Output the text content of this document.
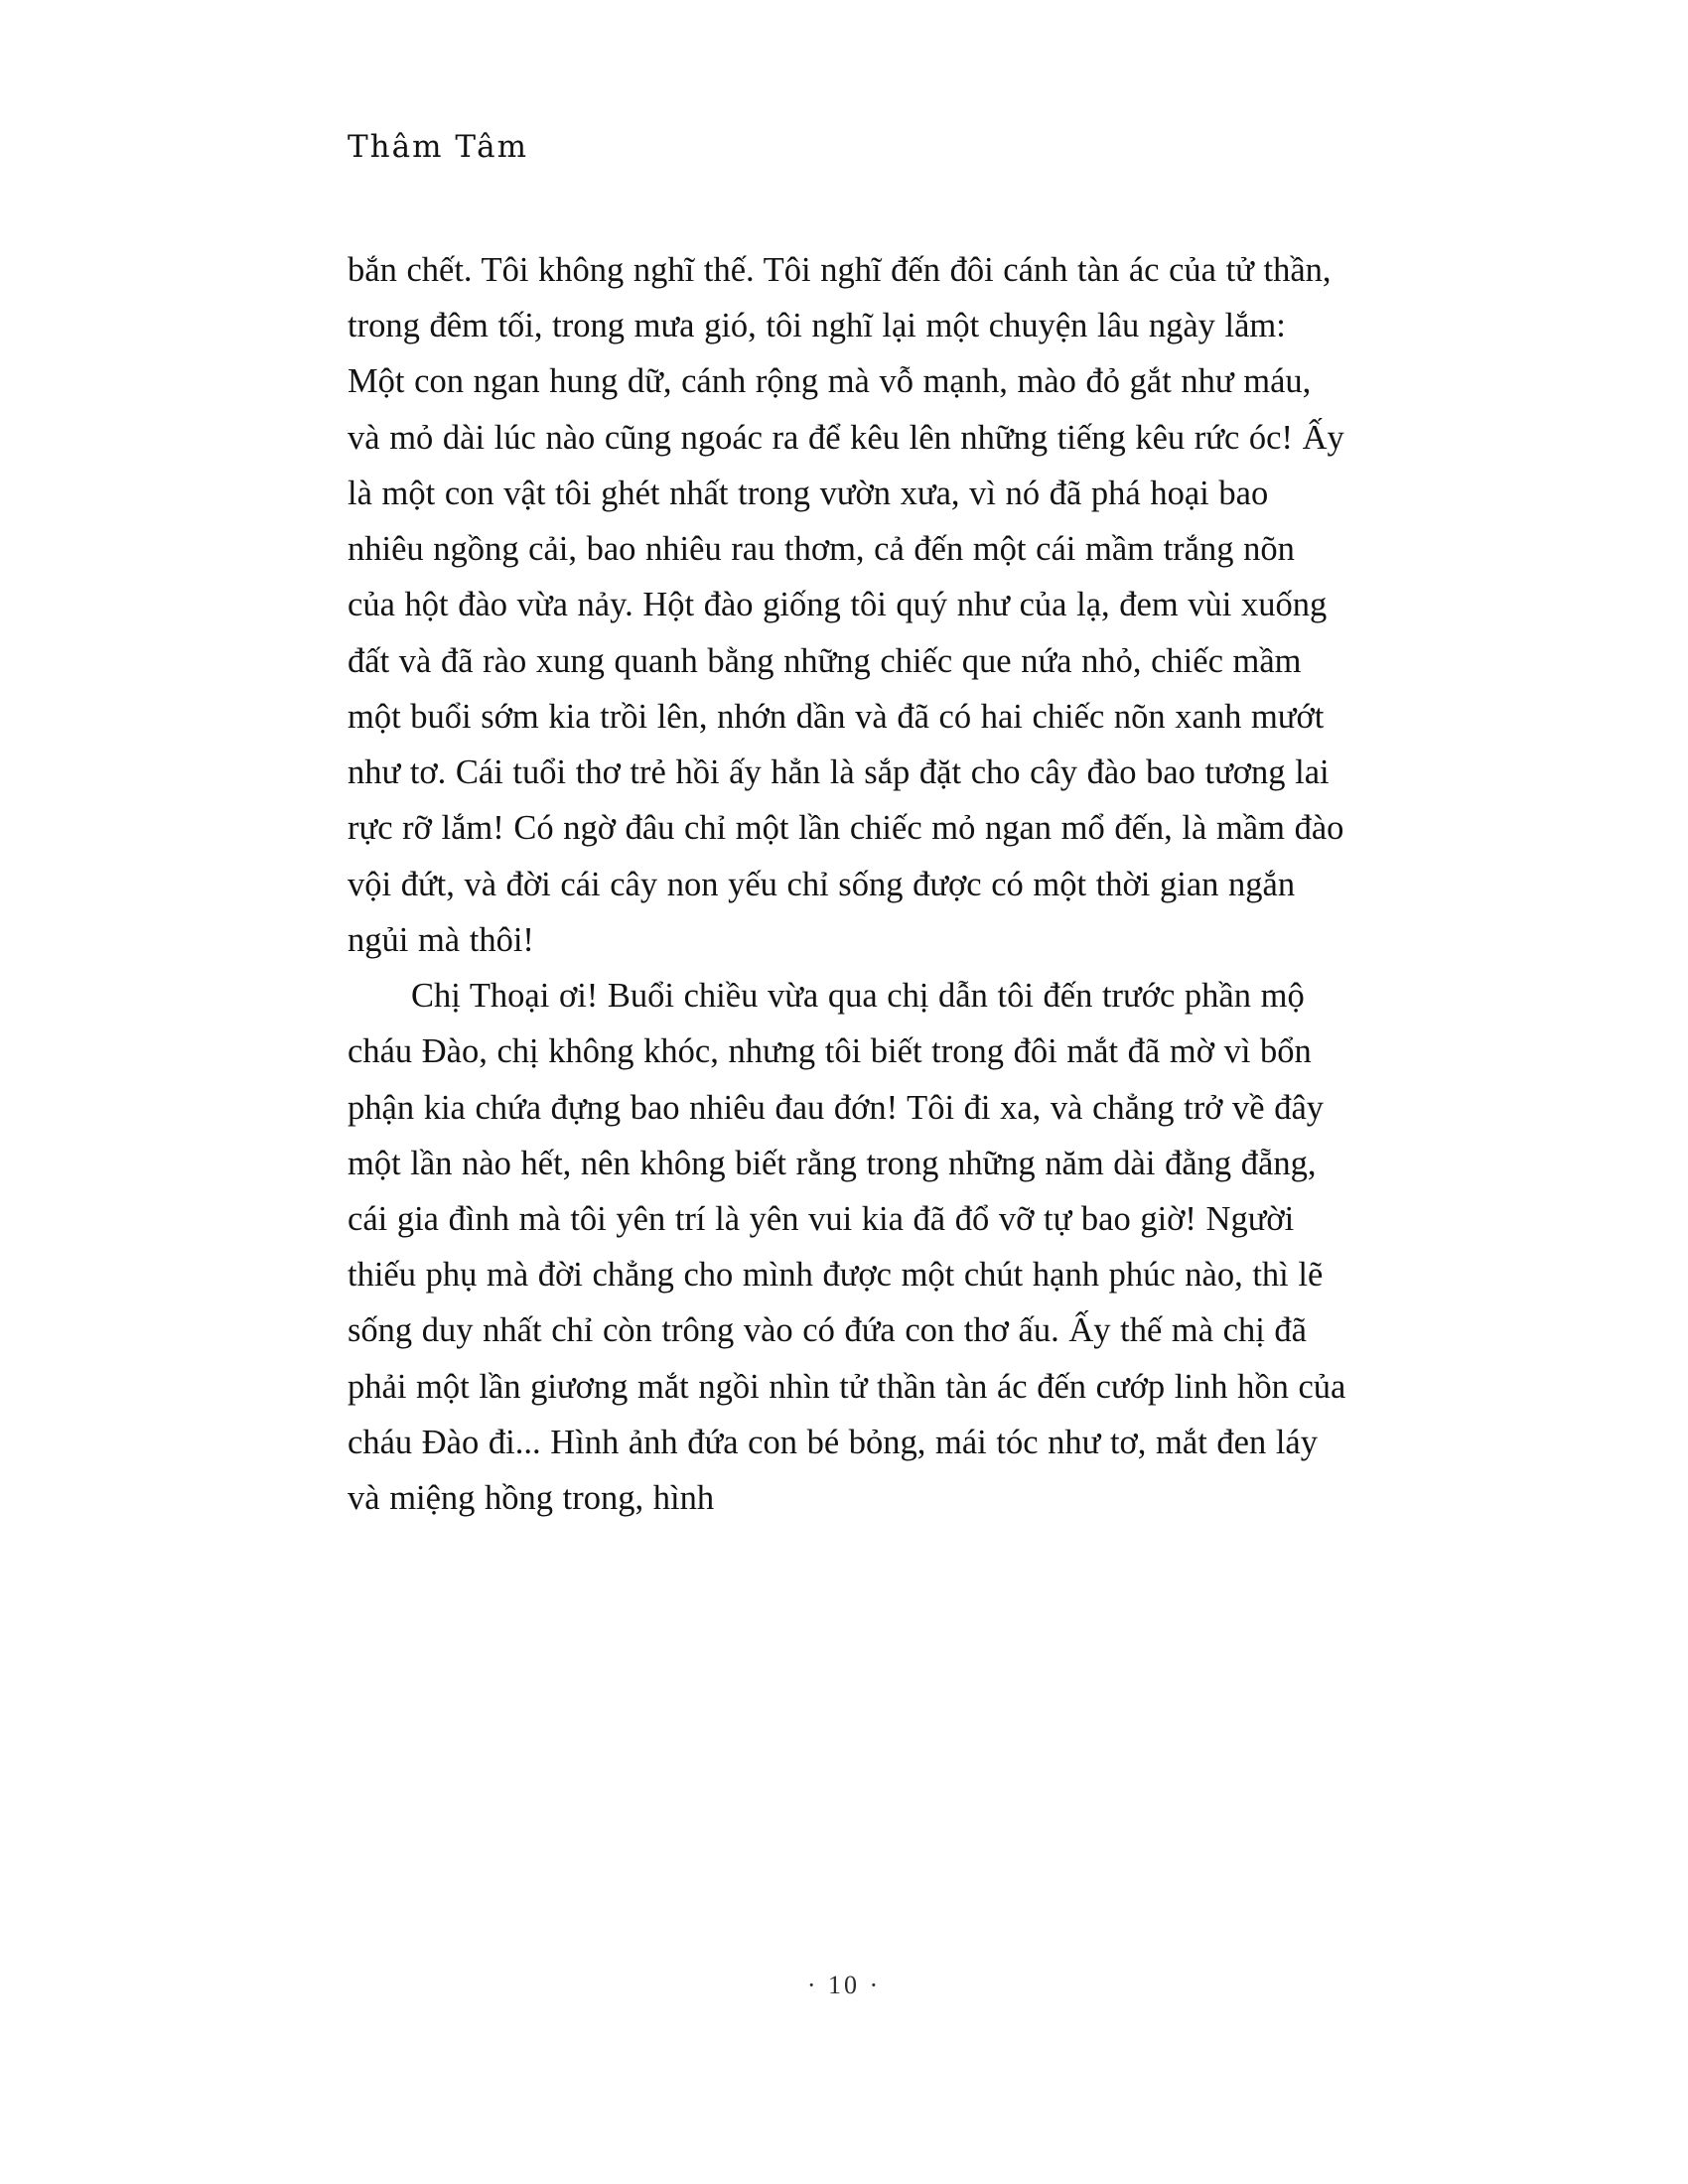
Thâm Tâm

bắn chết. Tôi không nghĩ thế. Tôi nghĩ đến đôi cánh tàn ác của tử thần, trong đêm tối, trong mưa gió, tôi nghĩ lại một chuyện lâu ngày lắm: Một con ngan hung dữ, cánh rộng mà vỗ mạnh, mào đỏ gắt như máu, và mỏ dài lúc nào cũng ngoác ra để kêu lên những tiếng kêu rức óc! Ấy là một con vật tôi ghét nhất trong vườn xưa, vì nó đã phá hoại bao nhiêu ngồng cải, bao nhiêu rau thơm, cả đến một cái mầm trắng nõn của hột đào vừa nảy. Hột đào giống tôi quý như của lạ, đem vùi xuống đất và đã rào xung quanh bằng những chiếc que nứa nhỏ, chiếc mầm một buổi sớm kia trồi lên, nhớn dần và đã có hai chiếc nõn xanh mướt như tơ. Cái tuổi thơ trẻ hồi ấy hẳn là sắp đặt cho cây đào bao tương lai rực rỡ lắm! Có ngờ đâu chỉ một lần chiếc mỏ ngan mổ đến, là mầm đào vội đứt, và đời cái cây non yếu chỉ sống được có một thời gian ngắn ngủi mà thôi!

Chị Thoại ơi! Buổi chiều vừa qua chị dẫn tôi đến trước phần mộ cháu Đào, chị không khóc, nhưng tôi biết trong đôi mắt đã mờ vì bổn phận kia chứa đựng bao nhiêu đau đớn! Tôi đi xa, và chẳng trở về đây một lần nào hết, nên không biết rằng trong những năm dài đằng đẵng, cái gia đình mà tôi yên trí là yên vui kia đã đổ vỡ tự bao giờ! Người thiếu phụ mà đời chẳng cho mình được một chút hạnh phúc nào, thì lẽ sống duy nhất chỉ còn trông vào có đứa con thơ ấu. Ấy thế mà chị đã phải một lần giương mắt ngồi nhìn tử thần tàn ác đến cướp linh hồn của cháu Đào đi... Hình ảnh đứa con bé bỏng, mái tóc như tơ, mắt đen láy và miệng hồng trong, hình

· 10 ·
